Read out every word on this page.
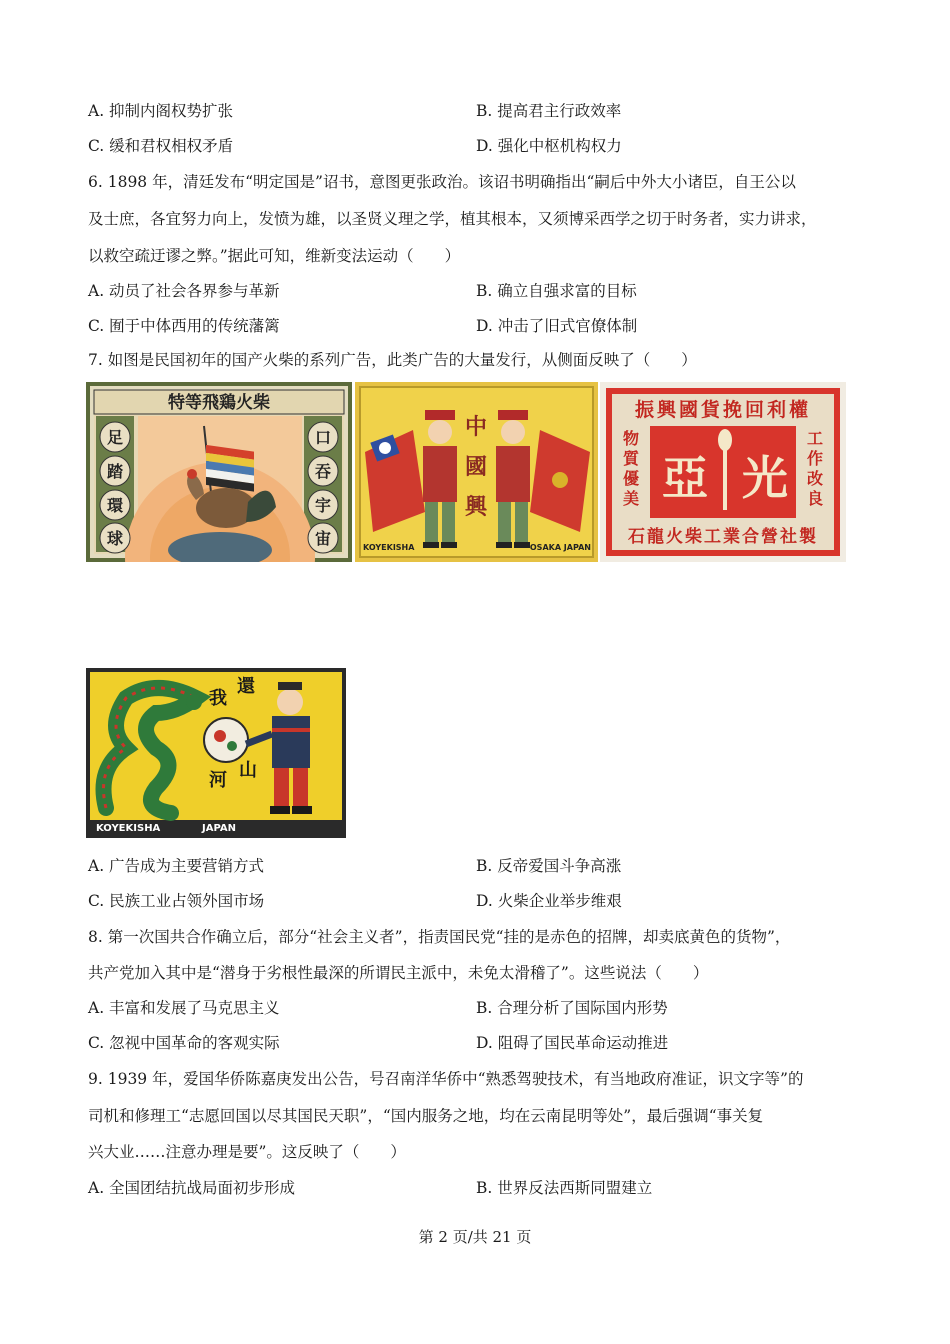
A. 抑制内阁权势扩张	B. 提高君主行政效率
C. 缓和君权相权矛盾	D. 强化中枢机构权力
6. 1898 年，清廷发布“明定国是”诏书，意图更张政治。该诏书明确指出“嗣后中外大小诸臣，自王公以
及士庶，各宜努力向上，发愤为雄，以圣贤义理之学，植其根本，又须博采西学之切于时务者，实力讲求，
以救空疏迂谬之弊。”据此可知，维新变法运动（　　）
A. 动员了社会各界参与革新	B. 确立自强求富的目标
C. 囿于中体西用的传统藩篱	D. 冲击了旧式官僚体制
7. 如图是民国初年的国产火柴的系列广告，此类广告的大量发行，从侧面反映了（　　）
特等飛鶏火柴
足
踏
環
球
口
吞
宇
宙
中
國
興
KOYEKISHA	OSAKA JAPAN
振興國貨挽回利權
亞 光
物
質
優
美
工
作
改
良
石龍火柴工業合營社製
我
還
河 山
KOYEKISHA	JAPAN
A. 广告成为主要营销方式	B. 反帝爱国斗争高涨
C. 民族工业占领外国市场	D. 火柴企业举步维艰
8. 第一次国共合作确立后，部分“社会主义者”，指责国民党“挂的是赤色的招牌，却卖底黄色的货物”，
共产党加入其中是“潜身于劣根性最深的所谓民主派中，未免太滑稽了”。这些说法（　　）
A. 丰富和发展了马克思主义	B. 合理分析了国际国内形势
C. 忽视中国革命的客观实际	D. 阻碍了国民革命运动推进
9. 1939 年，爱国华侨陈嘉庚发出公告，号召南洋华侨中“熟悉驾驶技术，有当地政府准证，识文字等”的
司机和修理工“志愿回国以尽其国民天职”，“国内服务之地，均在云南昆明等处”，最后强调“事关复
兴大业……注意办理是要”。这反映了（　　）
A. 全国团结抗战局面初步形成	B. 世界反法西斯同盟建立
第 2 页/共 21 页
